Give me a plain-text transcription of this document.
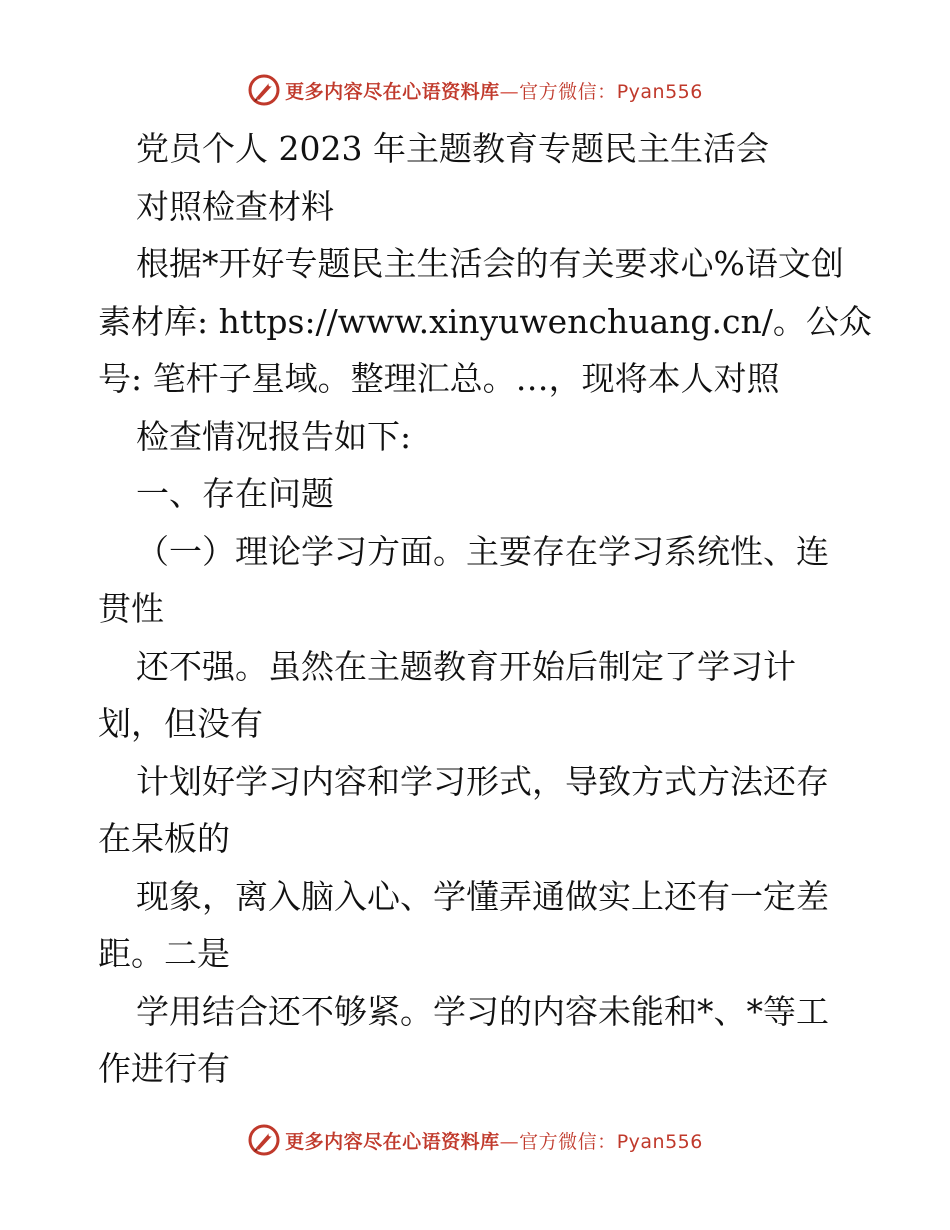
更多内容尽在心语资料库—官方微信：Pyan556
党员个人 2023 年主题教育专题民主生活会
对照检查材料
根据*开好专题民主生活会的有关要求心%语文创
素材库: https://www.xinyuwenchuang.cn/。公众
号: 笔杆子星域。整理汇总。…，现将本人对照
检查情况报告如下:
一、存在问题
（一）理论学习方面。主要存在学习系统性、连
贯性
还不强。虽然在主题教育开始后制定了学习计
划，但没有
计划好学习内容和学习形式，导致方式方法还存
在呆板的
现象，离入脑入心、学懂弄通做实上还有一定差
距。二是
学用结合还不够紧。学习的内容未能和*、*等工
作进行有
更多内容尽在心语资料库—官方微信：Pyan556
